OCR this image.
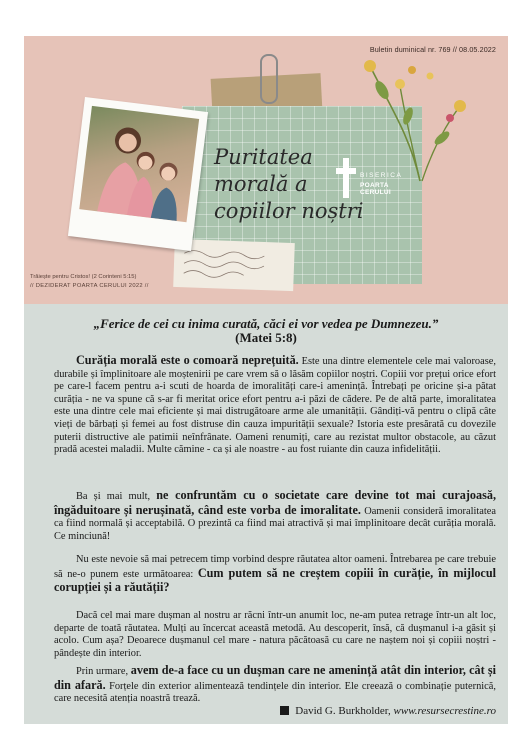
Buletin duminical nr. 769 // 08.05.2022
Puritatea
morală a
copiilor noștri
BISERICA
POARTA CERULUI
Trăiește pentru Cristos! (2 Corinteni 5:15)
// DEZIDERAT POARTA CERULUI 2022 //
„Ferice de cei cu inima curată, căci ei vor vedea pe Dumnezeu.”
(Matei 5:8)
Curăția morală este o comoară neprețuită. Este una dintre elementele cele mai valoroase, durabile și împlinitoare ale moștenirii pe care vrem să o lăsăm copiilor noștri. Copiii vor prețui orice efort pe care-l facem pentru a-i scuti de hoarda de imoralități care-i amenință. Întrebați pe oricine și-a pătat curăția - ne va spune că s-ar fi meritat orice efort pentru a-i păzi de cădere. Pe de altă parte, imoralitatea este una dintre cele mai eficiente și mai distrugătoare arme ale umanității. Gândiți-vă pentru o clipă câte vieți de bărbați și femei au fost distruse din cauza impurității sexuale? Istoria este presărată cu dovezile puterii distructive ale patimii neînfrânate. Oameni renumiți, care au rezistat multor obstacole, au căzut pradă acestei maladii. Multe cămine - ca și ale noastre - au fost ruiante din cauza infidelității.
Ba și mai mult, ne confruntăm cu o societate care devine tot mai curajoasă, îngăduitoare și nerușinată, când este vorba de imoralitate. Oamenii consideră imoralitatea ca fiind normală și acceptabilă. O prezintă ca fiind mai atractivă și mai împlinitoare decât curăția morală. Ce minciună!
Nu este nevoie să mai petrecem timp vorbind despre răutatea altor oameni. Întrebarea pe care trebuie să ne-o punem este următoarea: Cum putem să ne creștem copiii în curăție, în mijlocul corupției și a răutății?
Dacă cel mai mare dușman al nostru ar răcni într-un anumit loc, ne-am putea retrage într-un alt loc, departe de toată răutatea. Mulți au încercat această metodă. Au descoperit, însă, că dușmanul i-a găsit și acolo. Cum așa? Deoarece dușmanul cel mare - natura păcătoasă cu care ne naștem noi și copiii noștri - pândește din interior.
Prin urmare, avem de-a face cu un dușman care ne amenință atât din interior, cât și din afară. Forțele din exterior alimentează tendințele din interior. Ele creează o combinație puternică, care necesită atenția noastră trează.
David G. Burkholder, www.resursecrestine.ro
